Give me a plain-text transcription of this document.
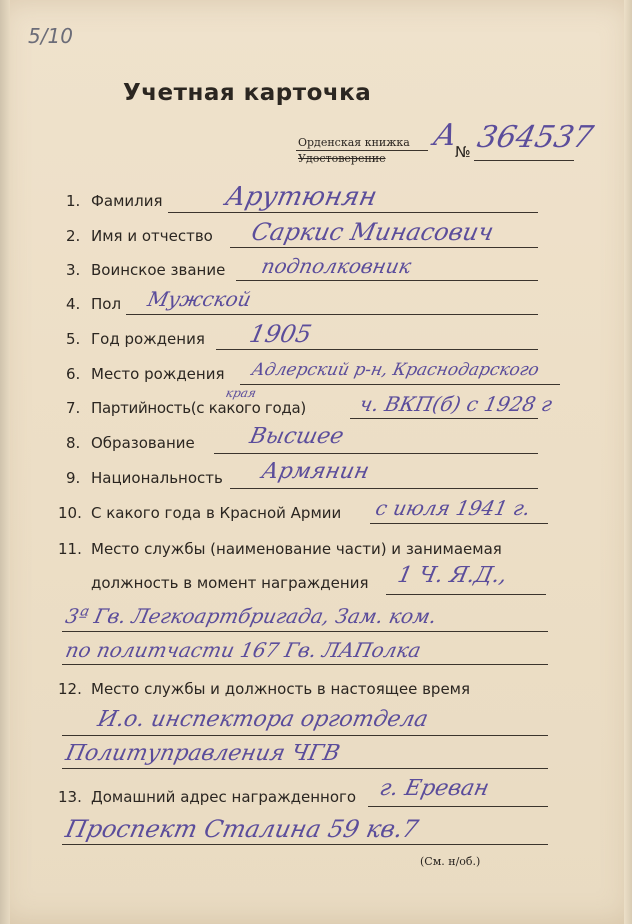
5/10
Учетная карточка
Орденская книжка
Удостоверение
А
№ 364537
1. Фамилия Арутюнян
2. Имя и отчество Саркис Минасович
3. Воинское звание подполковник
4. Пол Мужской
5. Год рождения 1905
6. Место рождения
края
Адлерский р-н, Краснодарского
7. Партийность(с какого года)	ч. ВКП(б) с 1928 г
8. Образование Высшее
9. Национальность Армянин
10. С какого года в Красной Армии с июля 1941 г.
11. Место службы (наименование части) и занимаемая
должность в момент награждения 1 Ч. Я.Д.,
3ª Гв. Легкоартбригада, Зам. ком.
по политчасти 167 Гв. ЛАПолка
12. Место службы и должность в настоящее время
И.о. инспектора орготдела
Политуправления ЧГВ
13. Домашний адрес награжденного г. Ереван
Проспект Сталина 59 кв.7
(См. н/об.)
